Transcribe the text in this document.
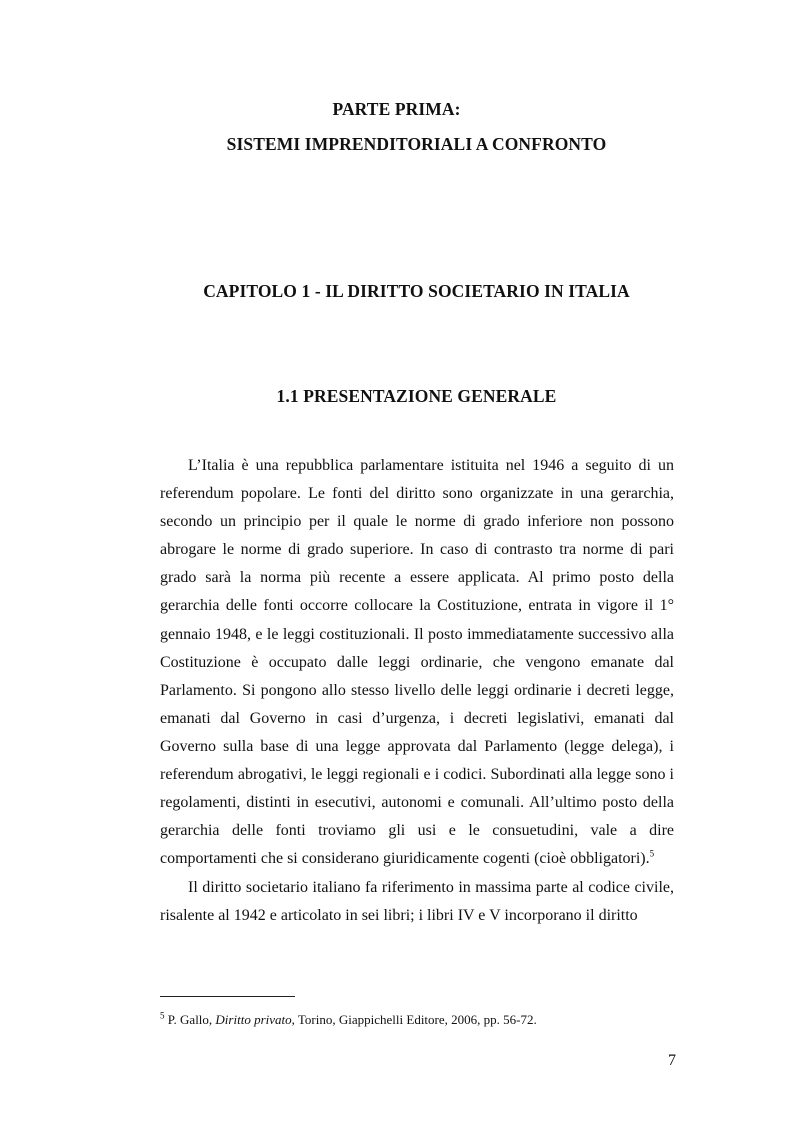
PARTE PRIMA:
SISTEMI IMPRENDITORIALI A CONFRONTO
CAPITOLO 1 - IL DIRITTO SOCIETARIO IN ITALIA
1.1 PRESENTAZIONE GENERALE

L’Italia è una repubblica parlamentare istituita nel 1946 a seguito di un referendum popolare. Le fonti del diritto sono organizzate in una gerarchia, secondo un principio per il quale le norme di grado inferiore non possono abrogare le norme di grado superiore. In caso di contrasto tra norme di pari grado sarà la norma più recente a essere applicata. Al primo posto della gerarchia delle fonti occorre collocare la Costituzione, entrata in vigore il 1° gennaio 1948, e le leggi costituzionali. Il posto immediatamente successivo alla Costituzione è occupato dalle leggi ordinarie, che vengono emanate dal Parlamento. Si pongono allo stesso livello delle leggi ordinarie i decreti legge, emanati dal Governo in casi d’urgenza, i decreti legislativi, emanati dal Governo sulla base di una legge approvata dal Parlamento (legge delega), i referendum abrogativi, le leggi regionali e i codici. Subordinati alla legge sono i regolamenti, distinti in esecutivi, autonomi e comunali. All’ultimo posto della gerarchia delle fonti troviamo gli usi e le consuetudini, vale a dire comportamenti che si considerano giuridicamente cogenti (cioè obbligatori).$^5$

Il diritto societario italiano fa riferimento in massima parte al codice civile, risalente al 1942 e articolato in sei libri; i libri IV e V incorporano il diritto

$^5$ P. Gallo, Diritto privato, Torino, Giappichelli Editore, 2006, pp. 56-72.

7
